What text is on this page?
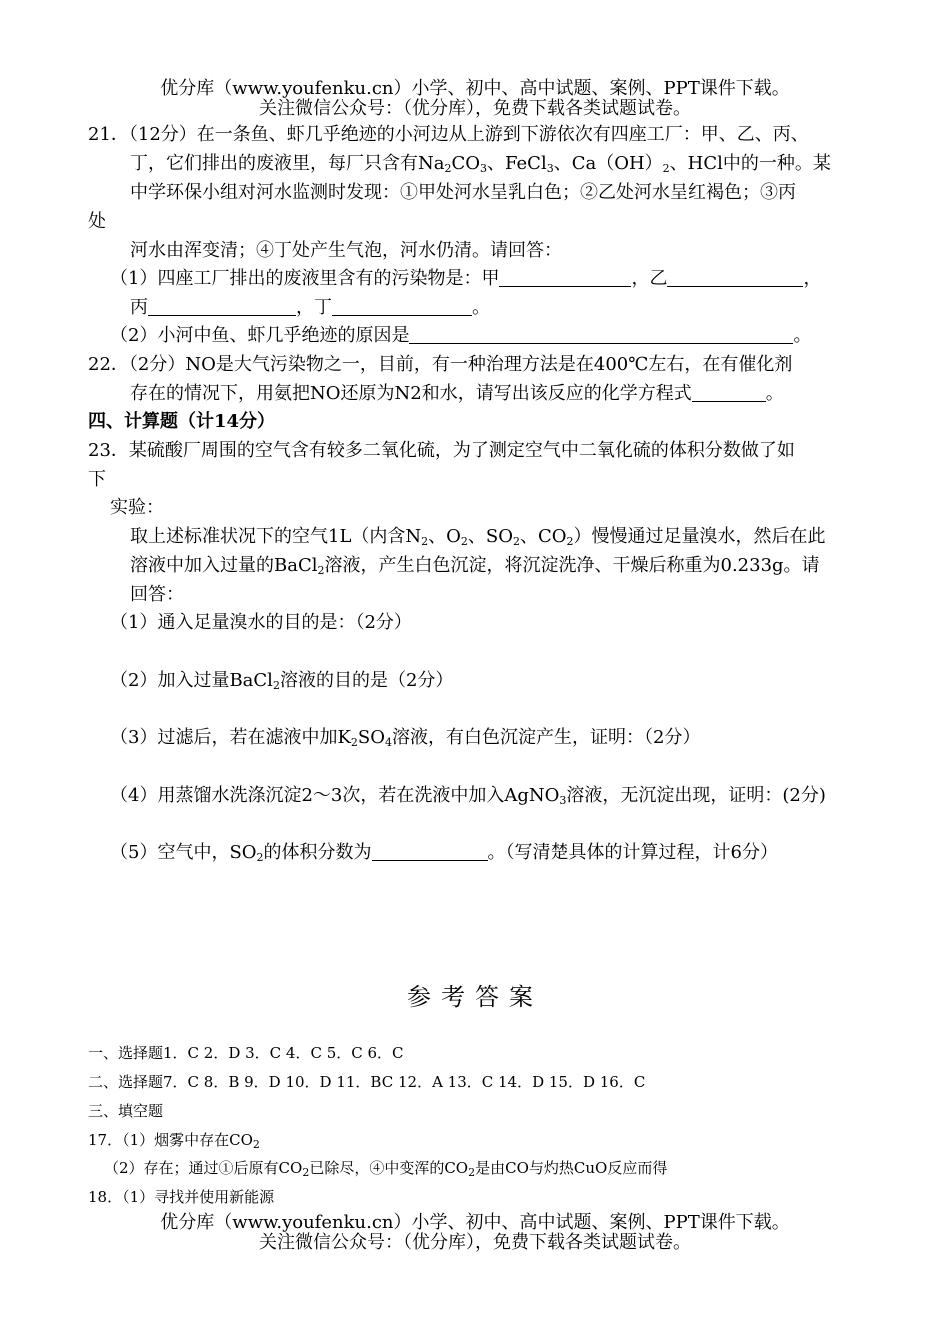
优分库（www.youfenku.cn）小学、初中、高中试题、案例、PPT课件下载。
关注微信公众号：（优分库），免费下载各类试题试卷。
21．（12分）在一条鱼、虾几乎绝迹的小河边从上游到下游依次有四座工厂：甲、乙、丙、
丁，它们排出的废液里，每厂只含有$Na_2CO_3$、FeCl$_3$、$Ca(OH)_2$、HCl中的一种。某
中学环保小组对河水监测时发现：①甲处河水呈乳白色；②乙处河水呈红褐色；③丙
处
河水由浑变清；④丁处产生气泡，河水仍清。请回答：
（1）四座工厂排出的废液里含有的污染物是：甲	，乙	，
丙	，丁	。
（2）小河中鱼、虾几乎绝迹的原因是	。
22．（2分）NO是大气污染物之一，目前，有一种治理方法是在400℃左右，在有催化剂
存在的情况下，用氨把NO还原为N2和水，请写出该反应的化学方程式	。
四、计算题（计14分）
23．某硫酸厂周围的空气含有较多二氧化硫，为了测定空气中二氧化硫的体积分数做了如
下
实验：
取上述标准状况下的空气1L（内含$N_2$、$O_2$、$SO_2$、$CO_2$）慢慢通过足量溴水，然后在此
溶液中加入过量的BaCl$_2$溶液，产生白色沉淀，将沉淀洗净、干燥后称重为0.233g。请
回答：
（1）通入足量溴水的目的是：（2分）
（2）加入过量BaCl$_2$溶液的目的是（2分）
（3）过滤后，若在滤液中加$K_2SO_4$溶液，有白色沉淀产生，证明：（2分）
（4）用蒸馏水洗涤沉淀2～3次，若在洗液中加入AgNO$_3$溶液，无沉淀出现，证明：(2分)
（5）空气中，$SO_2$的体积分数为	。（写清楚具体的计算过程，计6分）
参考答案
一、选择题1．C 2．D 3．C 4．C 5．C 6．C
二、选择题7．C 8．B 9．D 10．D 11．BC 12．A 13．C 14．D 15．D 16．C
三、填空题
17．（1）烟雾中存在$CO_2$
（2）存在；通过①后原有$CO_2$已除尽，④中变浑的$CO_2$是由CO与灼热CuO反应而得
18．（1）寻找并使用新能源
优分库（www.youfenku.cn）小学、初中、高中试题、案例、PPT课件下载。
关注微信公众号：（优分库），免费下载各类试题试卷。
